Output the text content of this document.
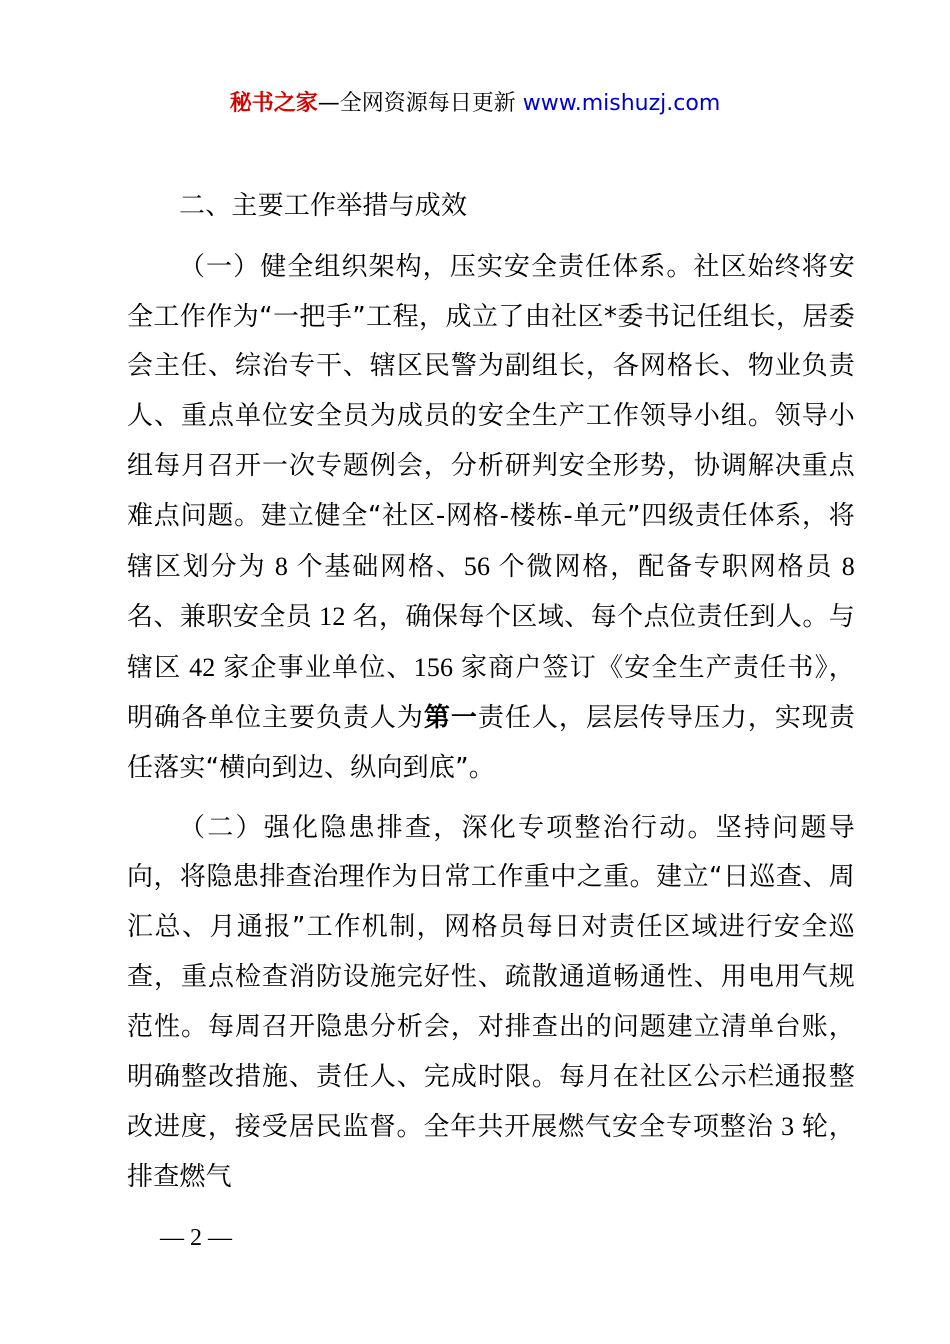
秘书之家—全网资源每日更新 www.mishuzj.com

二、主要工作举措与成效

（一）健全组织架构，压实安全责任体系。社区始终将安全工作作为“一把手”工程，成立了由社区*委书记任组长，居委会主任、综治专干、辖区民警为副组长，各网格长、物业负责人、重点单位安全员为成员的安全生产工作领导小组。领导小组每月召开一次专题例会，分析研判安全形势，协调解决重点难点问题。建立健全“社区-网格-楼栋-单元”四级责任体系，将辖区划分为 8 个基础网格、56 个微网格，配备专职网格员 8 名、兼职安全员 12 名，确保每个区域、每个点位责任到人。与辖区 42 家企事业单位、156 家商户签订《安全生产责任书》，明确各单位主要负责人为第一责任人，层层传导压力，实现责任落实“横向到边、纵向到底”。

（二）强化隐患排查，深化专项整治行动。坚持问题导向，将隐患排查治理作为日常工作重中之重。建立“日巡查、周汇总、月通报”工作机制，网格员每日对责任区域进行安全巡查，重点检查消防设施完好性、疏散通道畅通性、用电用气规范性。每周召开隐患分析会，对排查出的问题建立清单台账，明确整改措施、责任人、完成时限。每月在社区公示栏通报整改进度，接受居民监督。全年共开展燃气安全专项整治 3 轮，排查燃气

— 2 —
